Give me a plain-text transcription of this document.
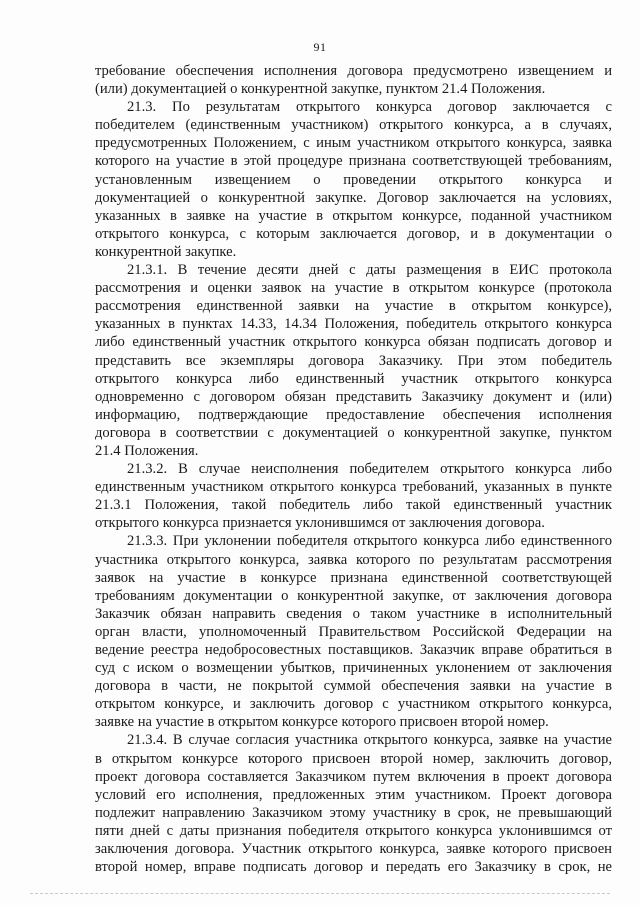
91
требование обеспечения исполнения договора предусмотрено извещением и
(или) документацией о конкурентной закупке, пунктом 21.4 Положения.
21.3. По результатам открытого конкурса договор заключается с
победителем (единственным участником) открытого конкурса, а в случаях,
предусмотренных Положением, с иным участником открытого конкурса, заявка
которого на участие в этой процедуре признана соответствующей требованиям,
установленным извещением о проведении открытого конкурса и
документацией о конкурентной закупке. Договор заключается на условиях,
указанных в заявке на участие в открытом конкурсе, поданной участником
открытого конкурса, с которым заключается договор, и в документации о
конкурентной закупке.
21.3.1. В течение десяти дней с даты размещения в ЕИС протокола
рассмотрения и оценки заявок на участие в открытом конкурсе (протокола
рассмотрения единственной заявки на участие в открытом конкурсе),
указанных в пунктах 14.33, 14.34 Положения, победитель открытого конкурса
либо единственный участник открытого конкурса обязан подписать договор и
представить все экземпляры договора Заказчику. При этом победитель
открытого конкурса либо единственный участник открытого конкурса
одновременно с договором обязан представить Заказчику документ и (или)
информацию, подтверждающие предоставление обеспечения исполнения
договора в соответствии с документацией о конкурентной закупке, пунктом
21.4 Положения.
21.3.2. В случае неисполнения победителем открытого конкурса либо
единственным участником открытого конкурса требований, указанных в пункте
21.3.1 Положения, такой победитель либо такой единственный участник
открытого конкурса признается уклонившимся от заключения договора.
21.3.3. При уклонении победителя открытого конкурса либо единственного
участника открытого конкурса, заявка которого по результатам рассмотрения
заявок на участие в конкурсе признана единственной соответствующей
требованиям документации о конкурентной закупке, от заключения договора
Заказчик обязан направить сведения о таком участнике в исполнительный
орган власти, уполномоченный Правительством Российской Федерации на
ведение реестра недобросовестных поставщиков. Заказчик вправе обратиться в
суд с иском о возмещении убытков, причиненных уклонением от заключения
договора в части, не покрытой суммой обеспечения заявки на участие в
открытом конкурсе, и заключить договор с участником открытого конкурса,
заявке на участие в открытом конкурсе которого присвоен второй номер.
21.3.4. В случае согласия участника открытого конкурса, заявке на участие
в открытом конкурсе которого присвоен второй номер, заключить договор,
проект договора составляется Заказчиком путем включения в проект договора
условий его исполнения, предложенных этим участником. Проект договора
подлежит направлению Заказчиком этому участнику в срок, не превышающий
пяти дней с даты признания победителя открытого конкурса уклонившимся от
заключения договора. Участник открытого конкурса, заявке которого присвоен
второй номер, вправе подписать договор и передать его Заказчику в срок, не
